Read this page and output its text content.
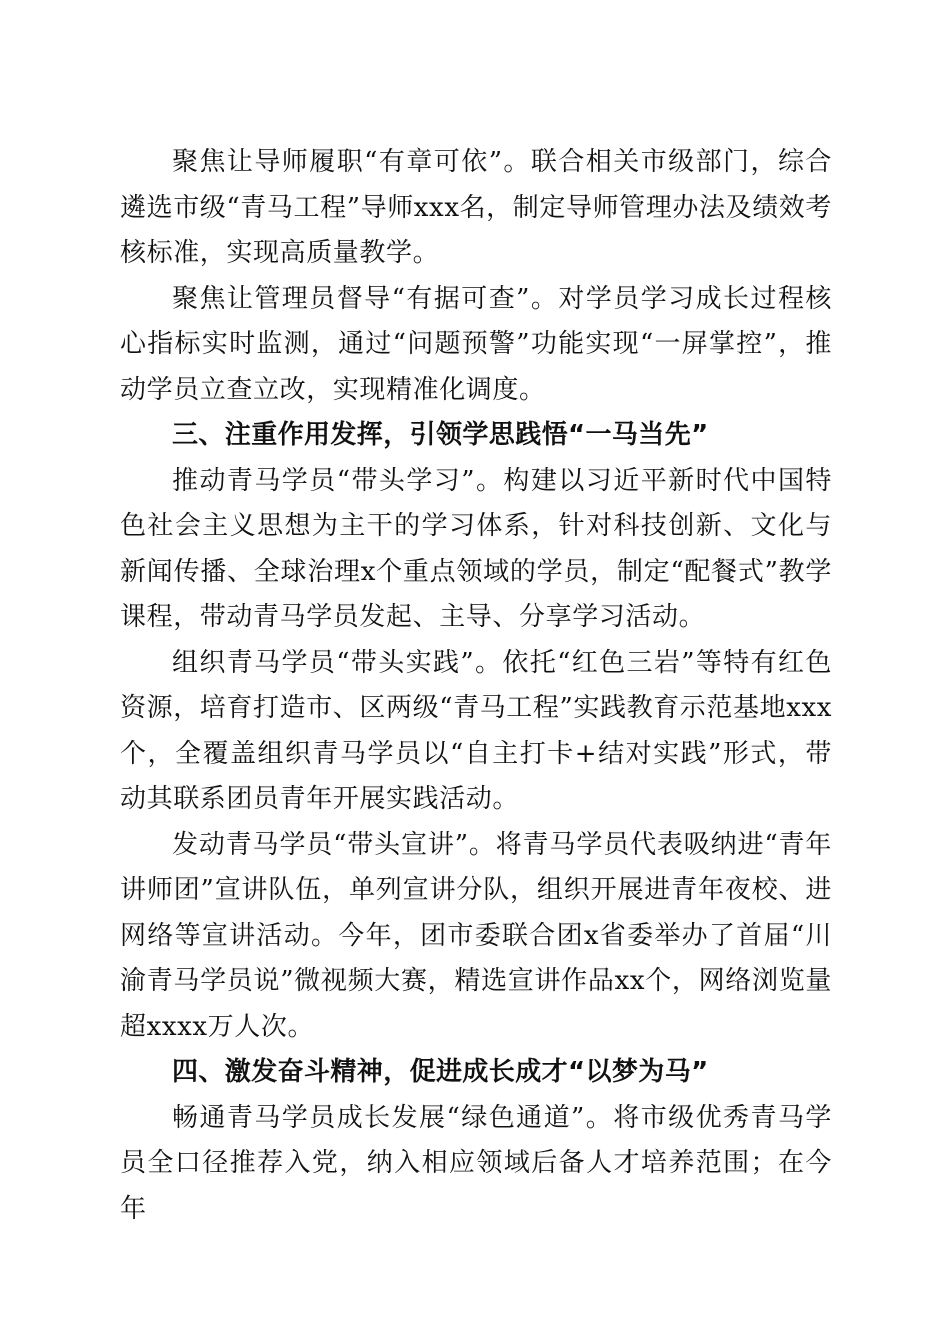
聚焦让导师履职“有章可依”。联合相关市级部门，综合遴选市级“青马工程”导师xxx名，制定导师管理办法及绩效考核标准，实现高质量教学。

聚焦让管理员督导“有据可查”。对学员学习成长过程核心指标实时监测，通过“问题预警”功能实现“一屏掌控”，推动学员立查立改，实现精准化调度。

三、注重作用发挥，引领学思践悟“一马当先”

推动青马学员“带头学习”。构建以习近平新时代中国特色社会主义思想为主干的学习体系，针对科技创新、文化与新闻传播、全球治理x个重点领域的学员，制定“配餐式”教学课程，带动青马学员发起、主导、分享学习活动。

组织青马学员“带头实践”。依托“红色三岩”等特有红色资源，培育打造市、区两级“青马工程”实践教育示范基地xxx个，全覆盖组织青马学员以“自主打卡+结对实践”形式，带动其联系团员青年开展实践活动。

发动青马学员“带头宣讲”。将青马学员代表吸纳进“青年讲师团”宣讲队伍，单列宣讲分队，组织开展进青年夜校、进网络等宣讲活动。今年，团市委联合团x省委举办了首届“川渝青马学员说”微视频大赛，精选宣讲作品xx个，网络浏览量超xxxx万人次。

四、激发奋斗精神，促进成长成才“以梦为马”

畅通青马学员成长发展“绿色通道”。将市级优秀青马学员全口径推荐入党，纳入相应领域后备人才培养范围；在今年
